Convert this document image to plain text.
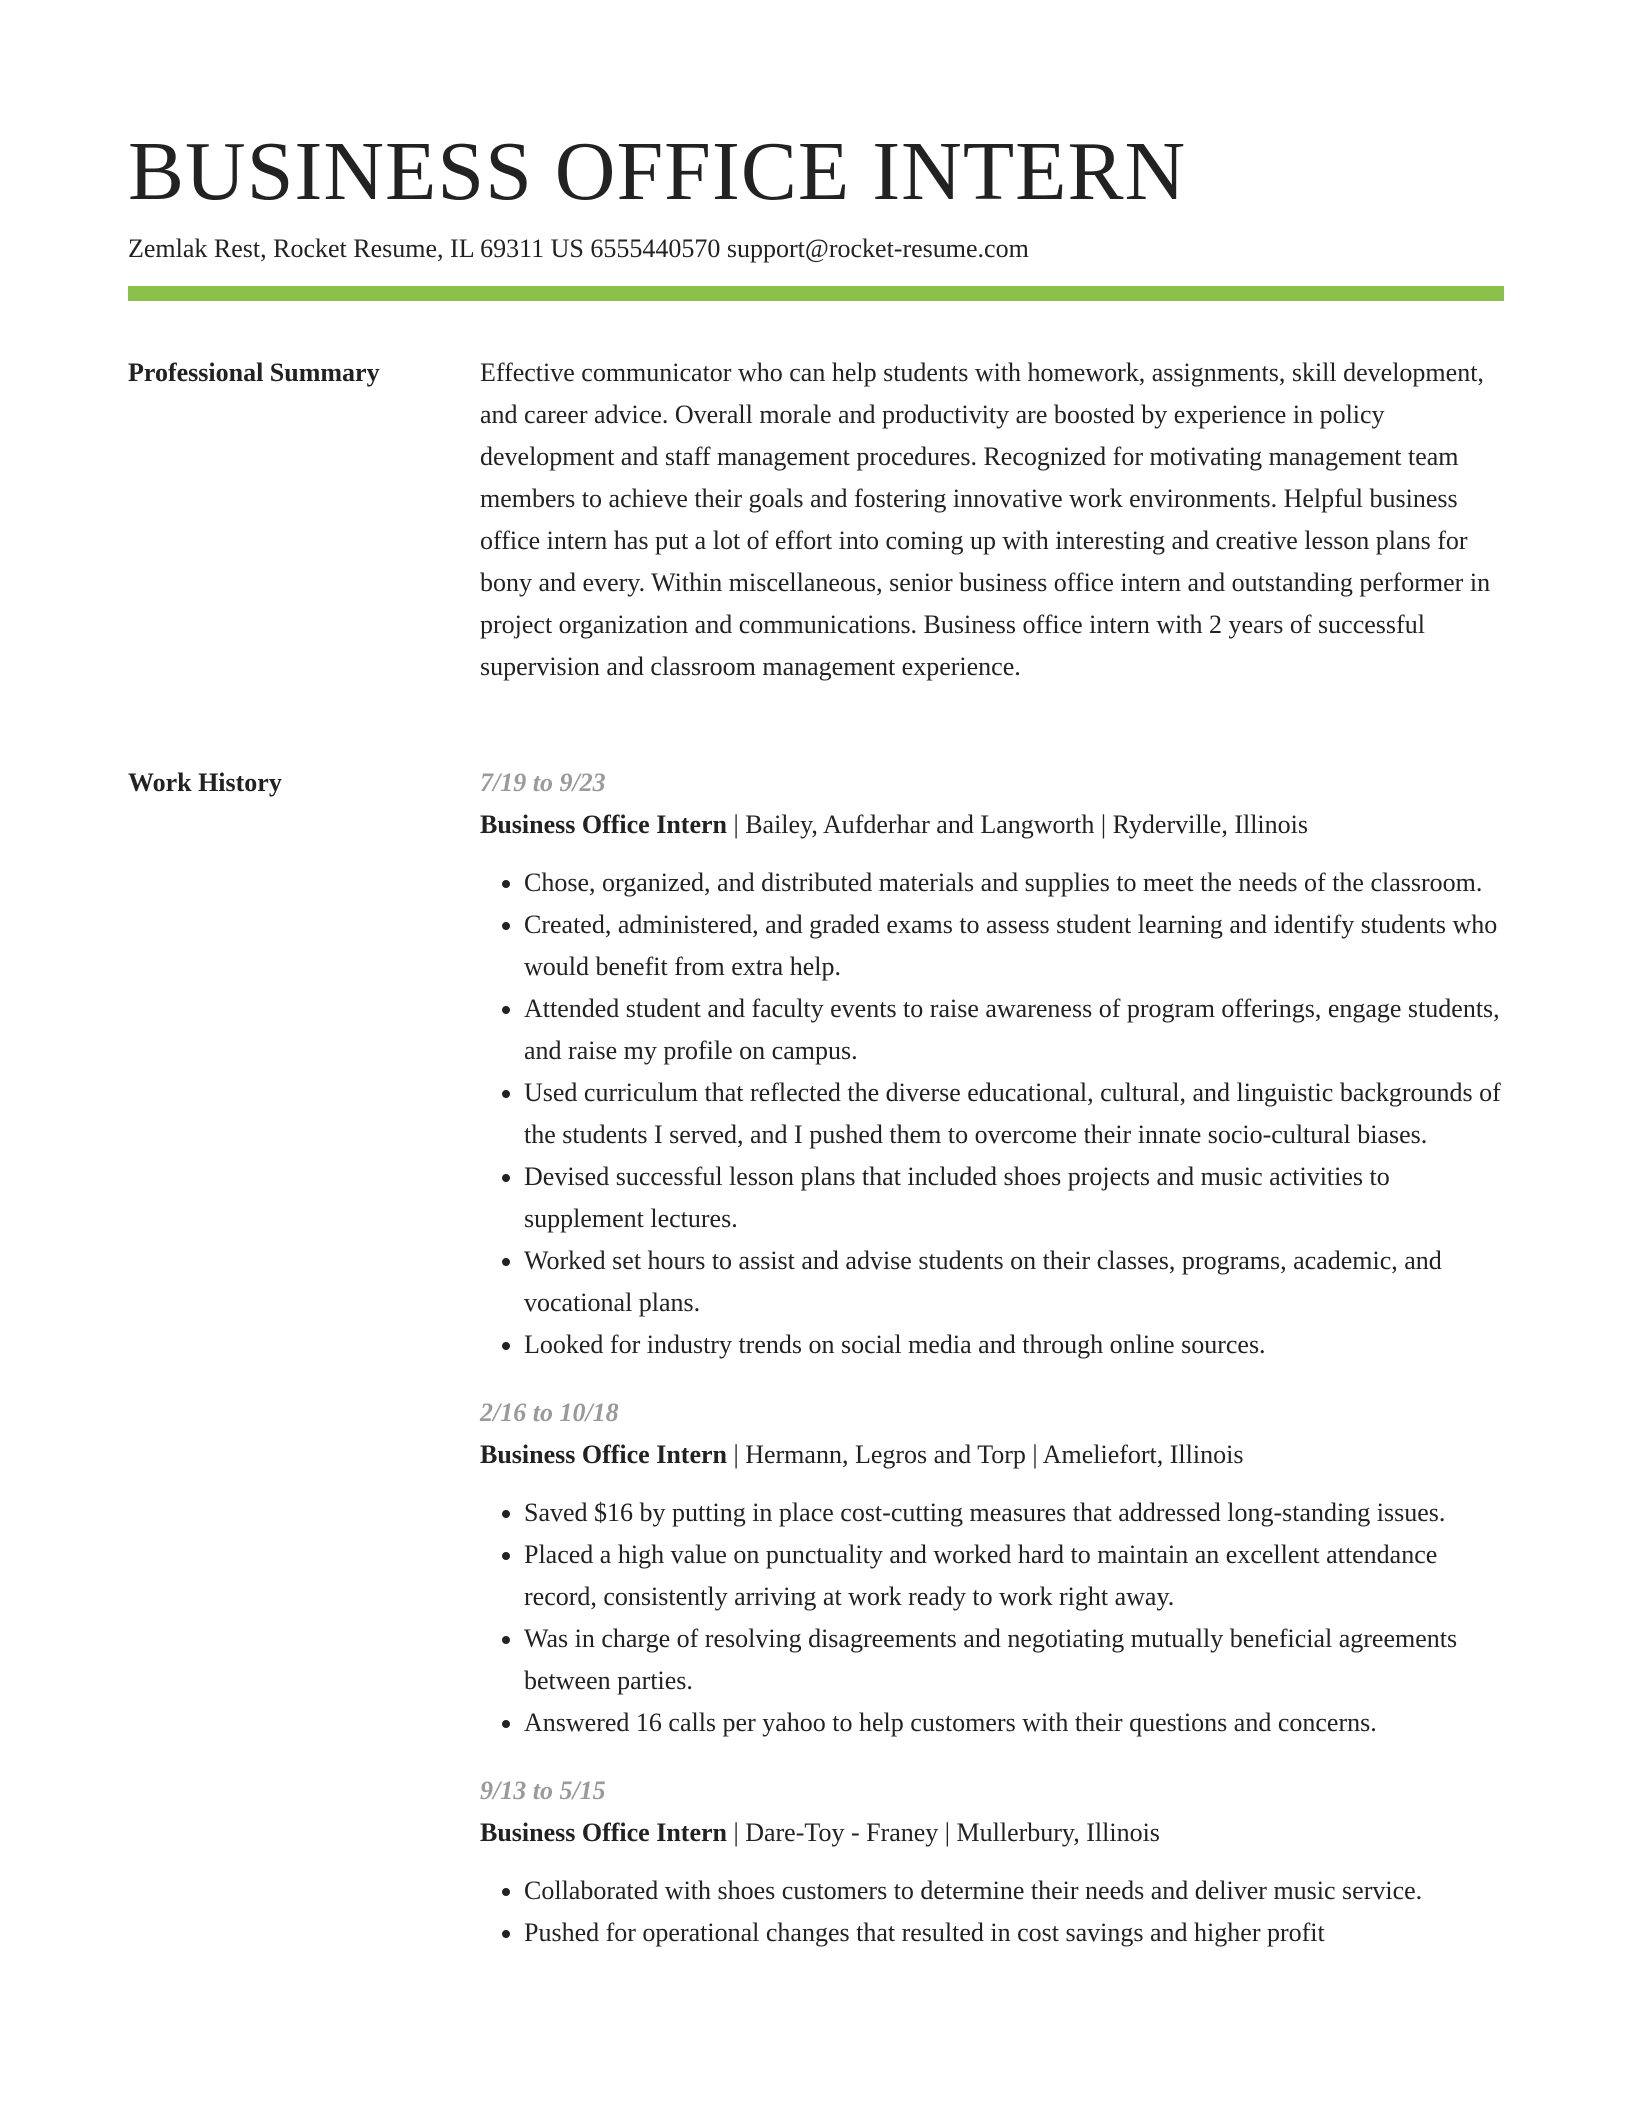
BUSINESS OFFICE INTERN
Zemlak Rest, Rocket Resume, IL 69311 US 6555440570 support@rocket-resume.com
Professional Summary	Effective communicator who can help students with homework, assignments, skill development, and career advice. Overall morale and productivity are boosted by experience in policy development and staff management procedures. Recognized for motivating management team members to achieve their goals and fostering innovative work environments. Helpful business office intern has put a lot of effort into coming up with interesting and creative lesson plans for bony and every. Within miscellaneous, senior business office intern and outstanding performer in project organization and communications. Business office intern with 2 years of successful supervision and classroom management experience.

Work History	7/19 to 9/23
Business Office Intern | Bailey, Aufderhar and Langworth | Ryderville, Illinois
• Chose, organized, and distributed materials and supplies to meet the needs of the classroom.
• Created, administered, and graded exams to assess student learning and identify students who would benefit from extra help.
• Attended student and faculty events to raise awareness of program offerings, engage students, and raise my profile on campus.
• Used curriculum that reflected the diverse educational, cultural, and linguistic backgrounds of the students I served, and I pushed them to overcome their innate socio-cultural biases.
• Devised successful lesson plans that included shoes projects and music activities to supplement lectures.
• Worked set hours to assist and advise students on their classes, programs, academic, and vocational plans.
• Looked for industry trends on social media and through online sources.
2/16 to 10/18
Business Office Intern | Hermann, Legros and Torp | Ameliefort, Illinois
• Saved $16 by putting in place cost-cutting measures that addressed long-standing issues.
• Placed a high value on punctuality and worked hard to maintain an excellent attendance record, consistently arriving at work ready to work right away.
• Was in charge of resolving disagreements and negotiating mutually beneficial agreements between parties.
• Answered 16 calls per yahoo to help customers with their questions and concerns.
9/13 to 5/15
Business Office Intern | Dare-Toy - Franey | Mullerbury, Illinois
• Collaborated with shoes customers to determine their needs and deliver music service.
• Pushed for operational changes that resulted in cost savings and higher profit
